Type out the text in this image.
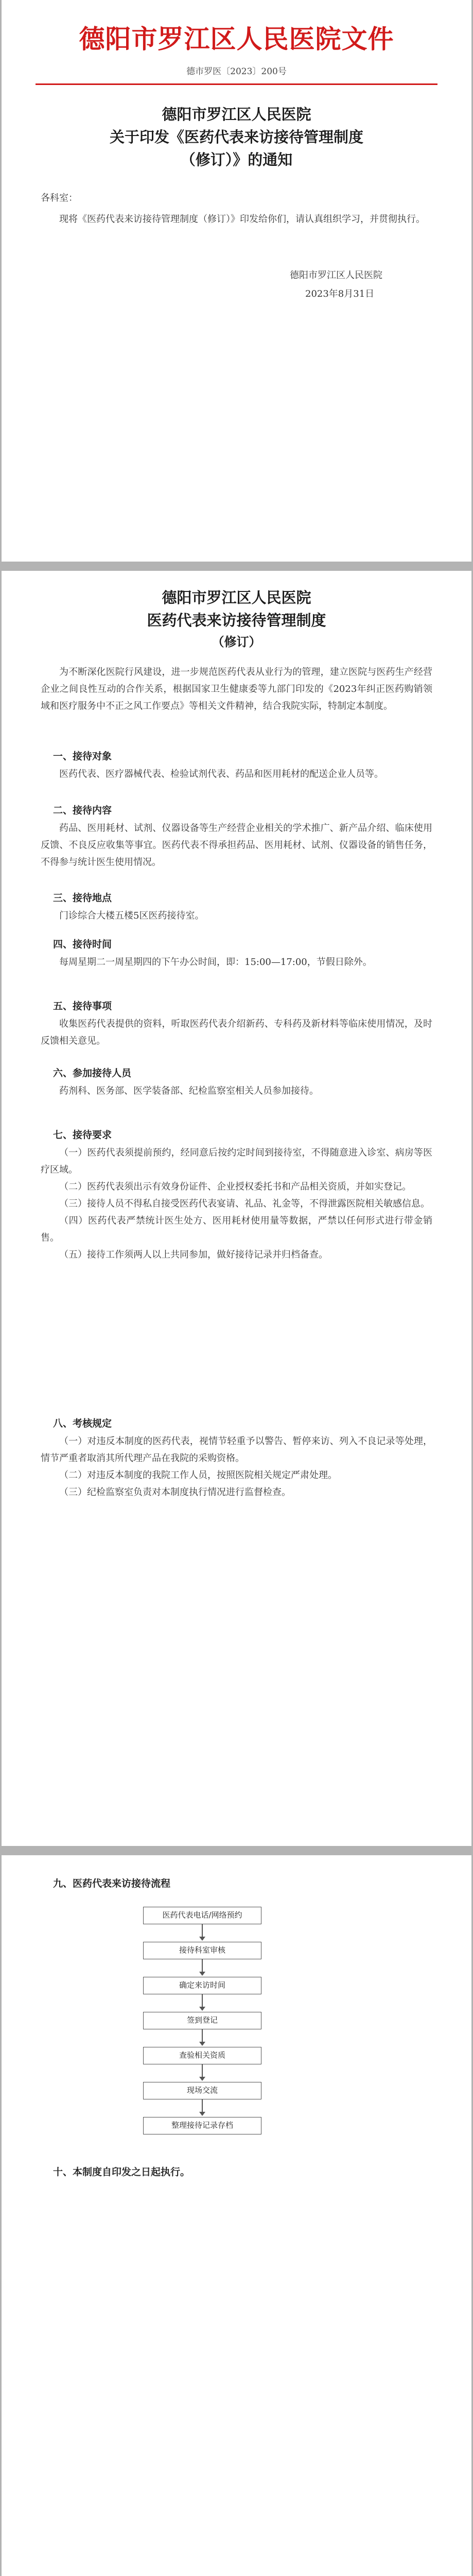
德阳市罗江区人民医院文件
德市罗医〔2023〕200号
德阳市罗江区人民医院
关于印发《医药代表来访接待管理制度
（修订）》的通知
各科室：

现将《医药代表来访接待管理制度（修订）》印发给你们，请认真组织学习，并贯彻执行。

德阳市罗江区人民医院
2023年8月31日
德阳市罗江区人民医院
医药代表来访接待管理制度
（修订）

为不断深化医院行风建设，进一步规范医药代表从业行为的管理，建立医院与医药生产经营企业之间良性互动的合作关系，根据国家卫生健康委等九部门印发的《2023年纠正医药购销领域和医疗服务中不正之风工作要点》等相关文件精神，结合我院实际，特制定本制度。

一、接待对象

医药代表、医疗器械代表、检验试剂代表、药品和医用耗材的配送企业人员等。

二、接待内容

药品、医用耗材、试剂、仪器设备等生产经营企业相关的学术推广、新产品介绍、临床使用反馈、不良反应收集等事宜。医药代表不得承担药品、医用耗材、试剂、仪器设备的销售任务，不得参与统计医生使用情况。

三、接待地点

门诊综合大楼五楼5区医药接待室。

四、接待时间

每周星期二一周星期四的下午办公时间，即：15:00—17:00，节假日除外。

五、接待事项

收集医药代表提供的资料，听取医药代表介绍新药、专科药及新材料等临床使用情况，及时反馈相关意见。

六、参加接待人员

药剂科、医务部、医学装备部、纪检监察室相关人员参加接待。

七、接待要求

（一）医药代表须提前预约，经同意后按约定时间到接待室，不得随意进入诊室、病房等医疗区域。

（二）医药代表须出示有效身份证件、企业授权委托书和产品相关资质，并如实登记。

（三）接待人员不得私自接受医药代表宴请、礼品、礼金等，不得泄露医院相关敏感信息。

（四）医药代表严禁统计医生处方、医用耗材使用量等数据，严禁以任何形式进行带金销售。

（五）接待工作须两人以上共同参加，做好接待记录并归档备查。

八、考核规定

（一）对违反本制度的医药代表，视情节轻重予以警告、暂停来访、列入不良记录等处理，情节严重者取消其所代理产品在我院的采购资格。

（二）对违反本制度的我院工作人员，按照医院相关规定严肃处理。

（三）纪检监察室负责对本制度执行情况进行监督检查。

九、医药代表来访接待流程
医药代表电话/网络预约
接待科室审核
确定来访时间
签到登记
查验相关资质
现场交流
整理接待记录存档
十、本制度自印发之日起执行。
